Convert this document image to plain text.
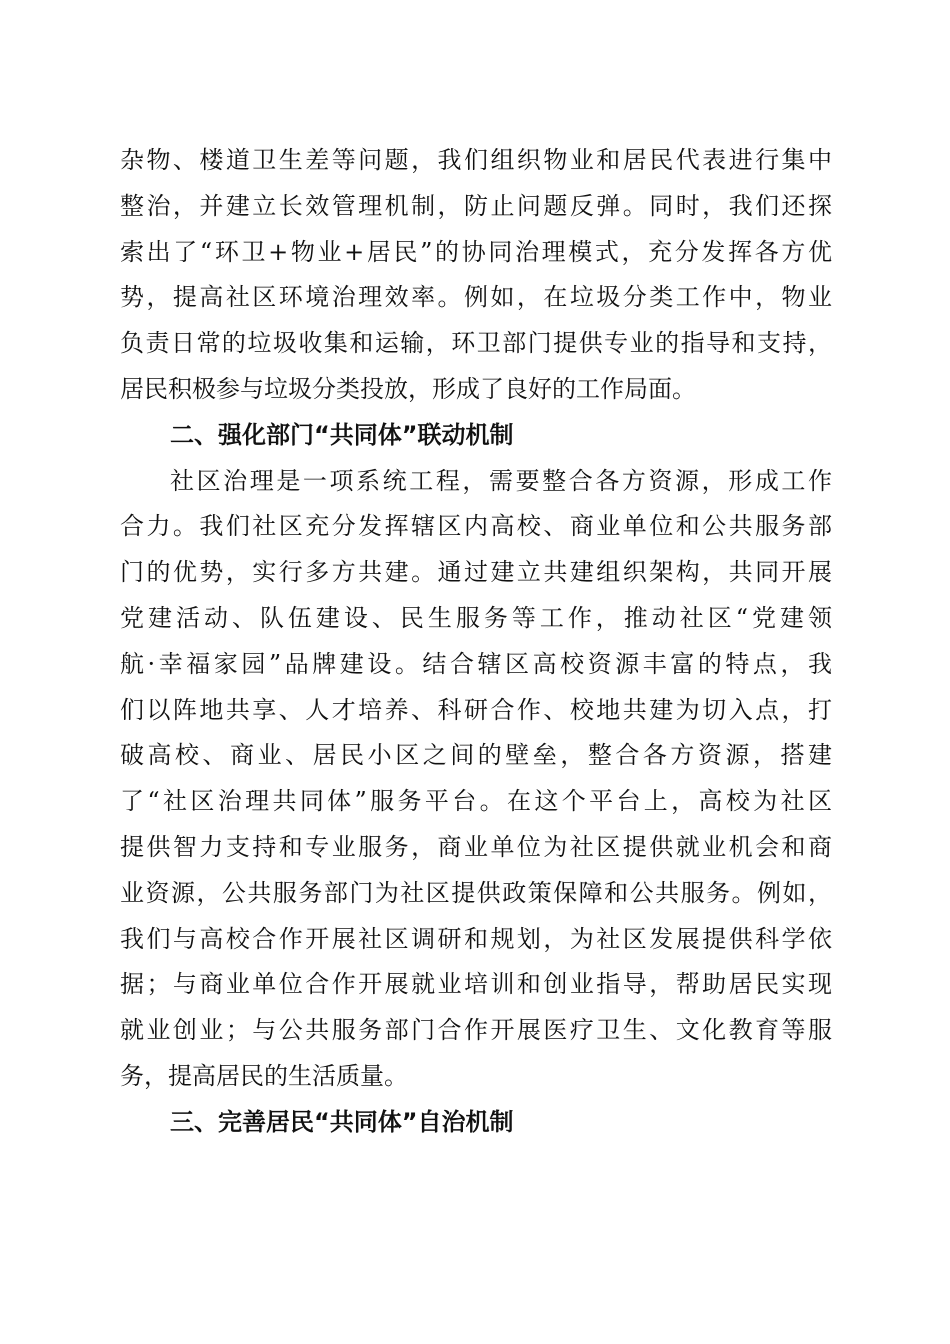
杂物、楼道卫生差等问题，我们组织物业和居民代表进行集中
整治，并建立长效管理机制，防止问题反弹。同时，我们还探
索出了“环卫+物业+居民”的协同治理模式，充分发挥各方优
势，提高社区环境治理效率。例如，在垃圾分类工作中，物业
负责日常的垃圾收集和运输，环卫部门提供专业的指导和支持，
居民积极参与垃圾分类投放，形成了良好的工作局面。
二、强化部门“共同体”联动机制
社区治理是一项系统工程，需要整合各方资源，形成工作
合力。我们社区充分发挥辖区内高校、商业单位和公共服务部
门的优势，实行多方共建。通过建立共建组织架构，共同开展
党建活动、队伍建设、民生服务等工作，推动社区“党建领
航·幸福家园”品牌建设。结合辖区高校资源丰富的特点，我
们以阵地共享、人才培养、科研合作、校地共建为切入点，打
破高校、商业、居民小区之间的壁垒，整合各方资源，搭建
了“社区治理共同体”服务平台。在这个平台上，高校为社区
提供智力支持和专业服务，商业单位为社区提供就业机会和商
业资源，公共服务部门为社区提供政策保障和公共服务。例如，
我们与高校合作开展社区调研和规划，为社区发展提供科学依
据；与商业单位合作开展就业培训和创业指导，帮助居民实现
就业创业；与公共服务部门合作开展医疗卫生、文化教育等服
务，提高居民的生活质量。
三、完善居民“共同体”自治机制
